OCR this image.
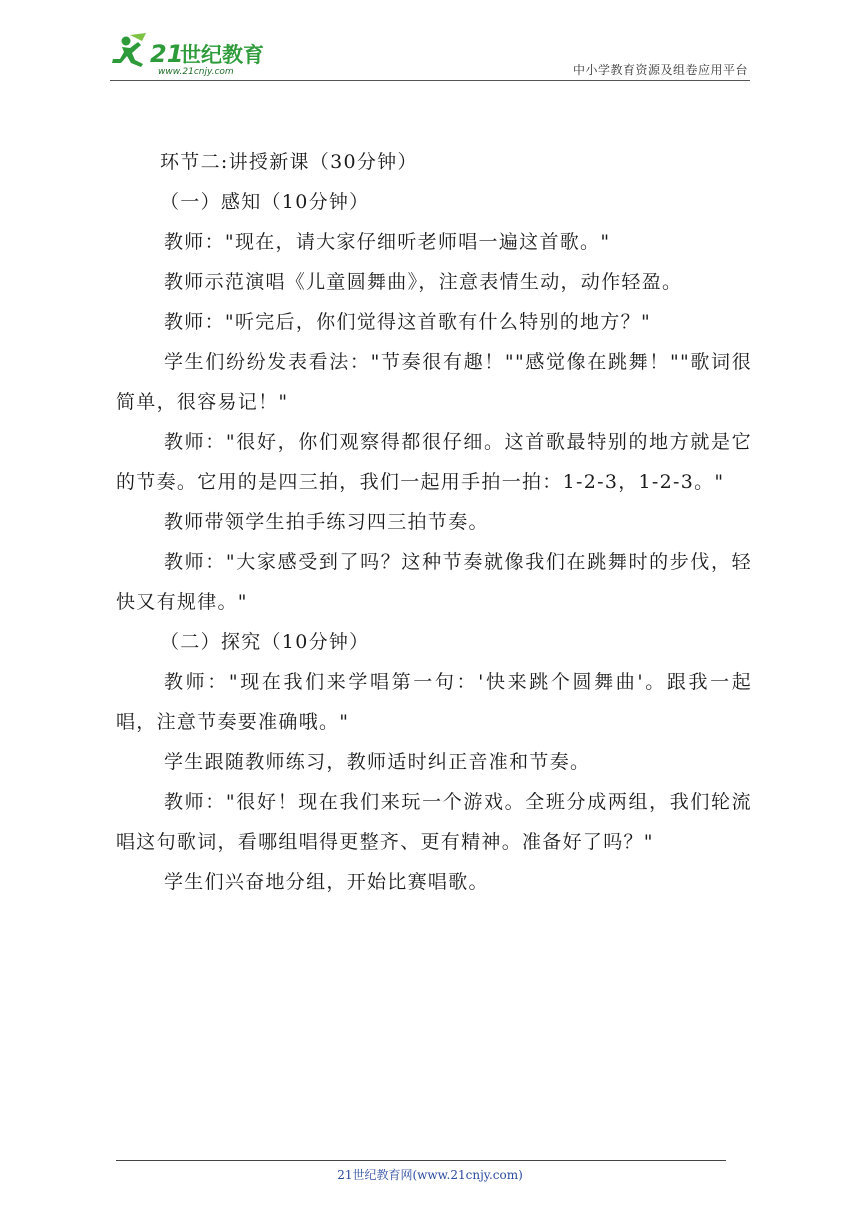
21
世纪教育
www.21cnjy.com	中小学教育资源及组卷应用平台

环节二:讲授新课（30分钟）

（一）感知（10分钟）

教师："现在，请大家仔细听老师唱一遍这首歌。"

教师示范演唱《儿童圆舞曲》，注意表情生动，动作轻盈。

教师："听完后，你们觉得这首歌有什么特别的地方？"

学生们纷纷发表看法："节奏很有趣！""感觉像在跳舞！""歌词很简单，很容易记！"

教师："很好，你们观察得都很仔细。这首歌最特别的地方就是它的节奏。它用的是四三拍，我们一起用手拍一拍：1-2-3，1-2-3。"

教师带领学生拍手练习四三拍节奏。

教师："大家感受到了吗？这种节奏就像我们在跳舞时的步伐，轻快又有规律。"

（二）探究（10分钟）

教师："现在我们来学唱第一句：'快来跳个圆舞曲'。跟我一起唱，注意节奏要准确哦。"

学生跟随教师练习，教师适时纠正音准和节奏。

教师："很好！现在我们来玩一个游戏。全班分成两组，我们轮流唱这句歌词，看哪组唱得更整齐、更有精神。准备好了吗？"

学生们兴奋地分组，开始比赛唱歌。

21世纪教育网(www.21cnjy.com)
